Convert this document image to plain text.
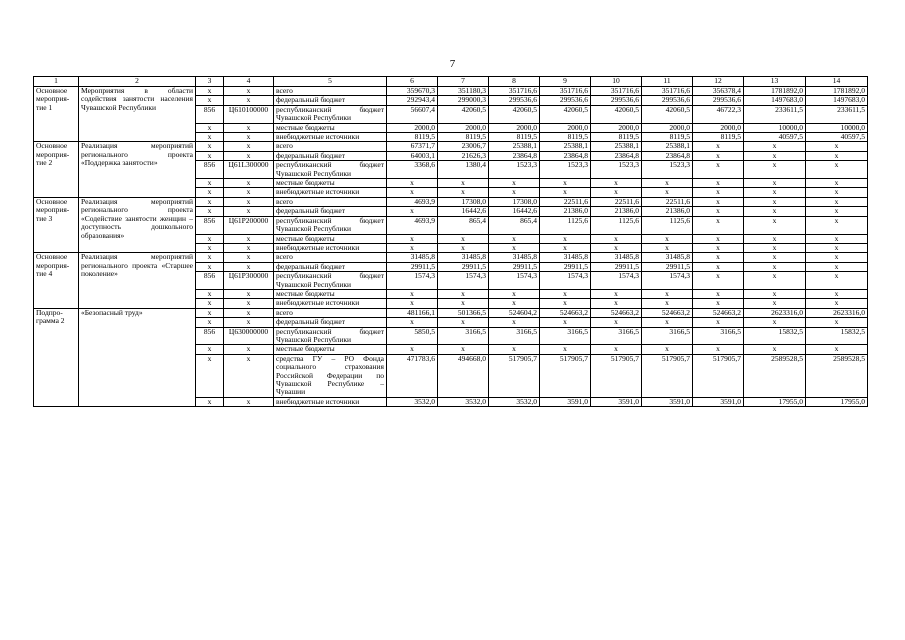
7
1	2	3	4	5	6	7	8	9	10	11	12	13	14
Основное мероприя-тие 1	Мероприятия в области содействия занятости населения Чувашской Республики	x	x	всего	359670,3	351180,3	351716,6	351716,6	351716,6	351716,6	356378,4	1781892,0	1781892,0
		x	x	федеральный бюджет	292943,4	299000,3	299536,6	299536,6	299536,6	299536,6	299536,6	1497683,0	1497683,0
		856	Ц610100000	республиканский бюджет Чувашской Республики	56607,4	42060,5	42060,5	42060,5	42060,5	42060,5	46722,3	233611,5	233611,5
		x	x	местные бюджеты	2000,0	2000,0	2000,0	2000,0	2000,0	2000,0	2000,0	10000,0	10000,0
		x	x	внебюджетные источники	8119,5	8119,5	8119,5	8119,5	8119,5	8119,5	8119,5	40597,5	40597,5
Основное мероприя-тие 2	Реализация мероприятий регионального проекта «Поддержка занятости»	x	x	всего	67371,7	23006,7	25388,1	25388,1	25388,1	25388,1	x	x	x
		x	x	федеральный бюджет	64003,1	21626,3	23864,8	23864,8	23864,8	23864,8	x	x	x
		856	Ц61L300000	республиканский бюджет Чувашской Республики	3368,6	1380,4	1523,3	1523,3	1523,3	1523,3	x	x	x
		x	x	местные бюджеты	x	x	x	x	x	x	x	x	x
		x	x	внебюджетные источники	x	x	x	x	x	x	x	x	x
Основное мероприя-тие 3	Реализация мероприятий регионального проекта «Содействие занятости женщин – доступность дошкольного образования»	x	x	всего	4693,9	17308,0	17308,0	22511,6	22511,6	22511,6	x	x	x
		x	x	федеральный бюджет	x	16442,6	16442,6	21386,0	21386,0	21386,0	x	x	x
		856	Ц61P200000	республиканский бюджет Чувашской Республики	4693,9	865,4	865,4	1125,6	1125,6	1125,6	x	x	x
		x	x	местные бюджеты	x	x	x	x	x	x	x	x	x
		x	x	внебюджетные источники	x	x	x	x	x	x	x	x	x
Основное мероприя-тие 4	Реализация мероприятий регионального проекта «Старшее поколение»	x	x	всего	31485,8	31485,8	31485,8	31485,8	31485,8	31485,8	x	x	x
		x	x	федеральный бюджет	29911,5	29911,5	29911,5	29911,5	29911,5	29911,5	x	x	x
		856	Ц61P300000	республиканский бюджет Чувашской Республики	1574,3	1574,3	1574,3	1574,3	1574,3	1574,3	x	x	x
		x	x	местные бюджеты	x	x	x	x	x	x	x	x	x
		x	x	внебюджетные источники	x	x	x	x	x	x	x	x	x
Подпро-грамма 2	«Безопасный труд»	x	x	всего	481166,1	501366,5	524604,2	524663,2	524663,2	524663,2	524663,2	2623316,0	2623316,0
		x	x	федеральный бюджет	x	x	x	x	x	x	x	x	x
		856	Ц630000000	республиканский бюджет Чувашской Республики	5850,5	3166,5	3166,5	3166,5	3166,5	3166,5	3166,5	15832,5	15832,5
		x	x	местные бюджеты	x	x	x	x	x	x	x	x	x
		x	x	средства ГУ – РО Фонда социального страхования Российской Федерации по Чувашской Республике – Чувашии	471783,6	494668,0	517905,7	517905,7	517905,7	517905,7	517905,7	2589528,5	2589528,5
		x	x	внебюджетные источники	3532,0	3532,0	3532,0	3591,0	3591,0	3591,0	3591,0	17955,0	17955,0
